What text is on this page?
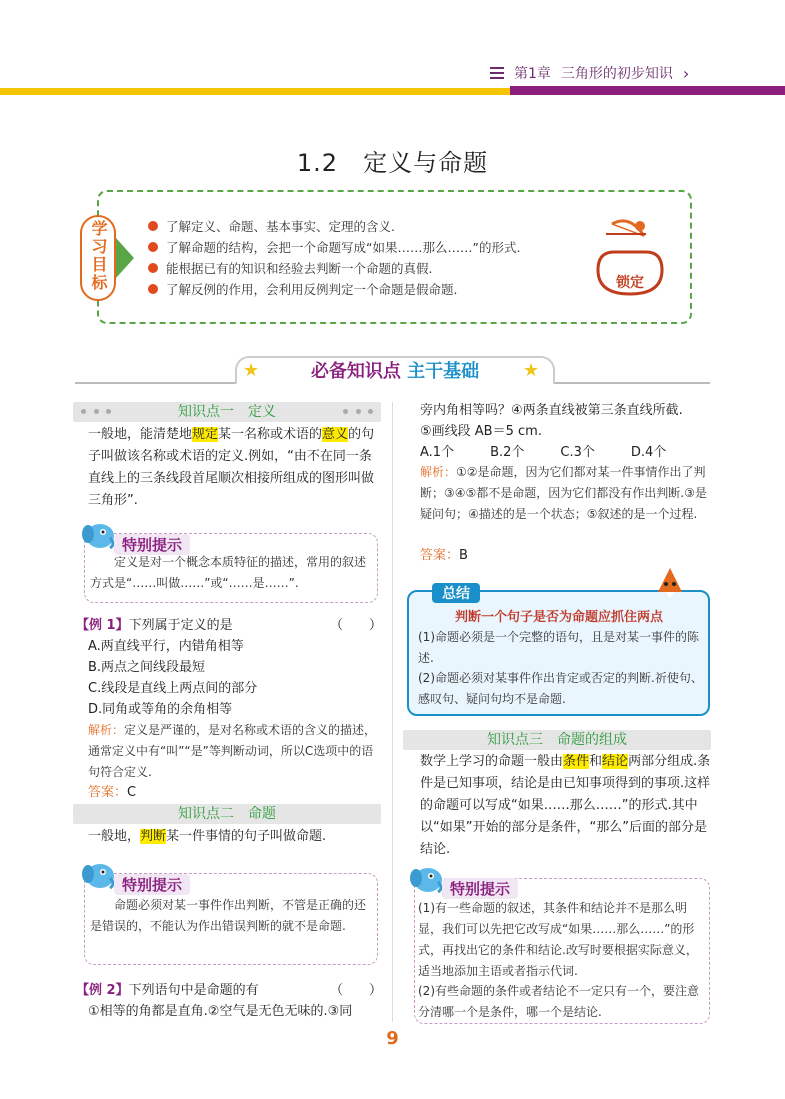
第1章 三角形的初步知识 ›
1.2　定义与命题
学习目标	了解定义、命题、基本事实、定理的含义.
了解命题的结构，会把一个命题写成“如果……那么……”的形式.
能根据已有的知识和经验去判断一个命题的真假.
了解反例的作用，会利用反例判定一个命题是假命题.	锁定
必备知识点 主干基础
★	★
知识点一　定义
一般地，能清楚地规定某一名称或术语的意义的句子叫做该名称或术语的定义.例如，“由不在同一条直线上的三条线段首尾顺次相接所组成的图形叫做三角形”.
特别提示
定义是对一个概念本质特征的描述，常用的叙述方式是“……叫做……”或“……是……”.
【例 1】下列属于定义的是	（　　）
A.两直线平行，内错角相等
B.两点之间线段最短
C.线段是直线上两点间的部分
D.同角或等角的余角相等
解析：定义是严谨的，是对名称或术语的含义的描述，通常定义中有“叫”“是”等判断动词，所以C选项中的语句符合定义.
答案：C
知识点二　命题
一般地，判断某一件事情的句子叫做命题.
特别提示
命题必须对某一事件作出判断，不管是正确的还是错误的，不能认为作出错误判断的就不是命题.
【例 2】下列语句中是命题的有	（　　）
①相等的角都是直角.②空气是无色无味的.③同
旁内角相等吗？④两条直线被第三条直线所截.
⑤画线段 AB＝5 cm.
A.1个	B.2个	C.3个	D.4个
解析：①②是命题，因为它们都对某一件事情作出了判断；③④⑤都不是命题，因为它们都没有作出判断.③是疑问句；④描述的是一个状态；⑤叙述的是一个过程.
答案：B
总结
判断一个句子是否为命题应抓住两点
(1)命题必须是一个完整的语句，且是对某一事件的陈述.
(2)命题必须对某事件作出肯定或否定的判断.祈使句、感叹句、疑问句均不是命题.
知识点三　命题的组成
数学上学习的命题一般由条件和结论两部分组成.条件是已知事项，结论是由已知事项得到的事项.这样的命题可以写成“如果……那么……”的形式.其中以“如果”开始的部分是条件，“那么”后面的部分是结论.
特别提示
(1)有一些命题的叙述，其条件和结论并不是那么明显，我们可以先把它改写成“如果……那么……”的形式，再找出它的条件和结论.改写时要根据实际意义，适当地添加主语或者指示代词.
(2)有些命题的条件或者结论不一定只有一个，要注意分清哪一个是条件，哪一个是结论.
9
